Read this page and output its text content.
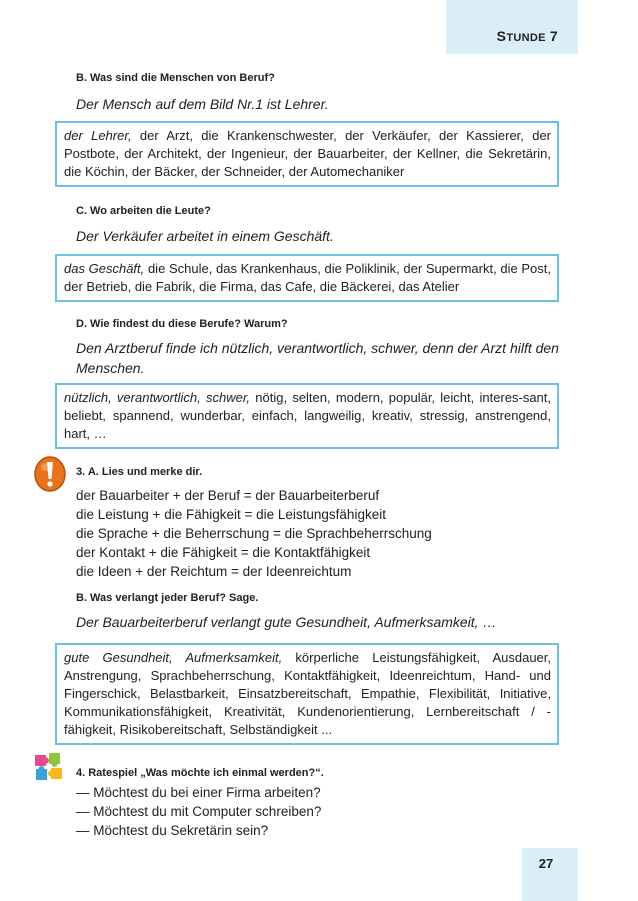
STUNDE 7
B. Was sind die Menschen von Beruf?
Der Mensch auf dem Bild Nr.1 ist Lehrer.
der Lehrer, der Arzt, die Krankenschwester, der Verkäufer, der Kassierer, der Postbote, der Architekt, der Ingenieur, der Bauarbeiter, der Kellner, die Sekretärin, die Köchin, der Bäcker, der Schneider, der Automechaniker
C. Wo arbeiten die Leute?
Der Verkäufer arbeitet in einem Geschäft.
das Geschäft, die Schule, das Krankenhaus, die Poliklinik, der Supermarkt, die Post, der Betrieb, die Fabrik, die Firma, das Cafe, die Bäckerei, das Atelier
D. Wie findest du diese Berufe? Warum?
Den Arztberuf finde ich nützlich, verantwortlich, schwer, denn der Arzt hilft den Menschen.
nützlich, verantwortlich, schwer, nötig, selten, modern, populär, leicht, interes-sant, beliebt, spannend, wunderbar, einfach, langweilig, kreativ, stressig, anstrengend, hart, …
3. A. Lies und merke dir.
der Bauarbeiter + der Beruf = der Bauarbeiterberuf
die Leistung + die Fähigkeit = die Leistungsfähigkeit
die Sprache + die Beherrschung = die Sprachbeherrschung
der Kontakt + die Fähigkeit = die Kontaktfähigkeit
die Ideen + der Reichtum = der Ideenreichtum
B. Was verlangt jeder Beruf? Sage.
Der Bauarbeiterberuf verlangt gute Gesundheit, Aufmerksamkeit, …
gute Gesundheit, Aufmerksamkeit, körperliche Leistungsfähigkeit, Ausdauer, Anstrengung, Sprachbeherrschung, Kontaktfähigkeit, Ideenreichtum, Hand- und Fingerschick, Belastbarkeit, Einsatzbereitschaft, Empathie, Flexibilität, Initiative, Kommunikationsfähigkeit, Kreativität, Kundenorientierung, Lernbereitschaft / -fähigkeit, Risikobereitschaft, Selbständigkeit ...
4. Ratespiel „Was möchte ich einmal werden?“.
— Möchtest du bei einer Firma arbeiten?
— Möchtest du mit Computer schreiben?
— Möchtest du Sekretärin sein?
27
